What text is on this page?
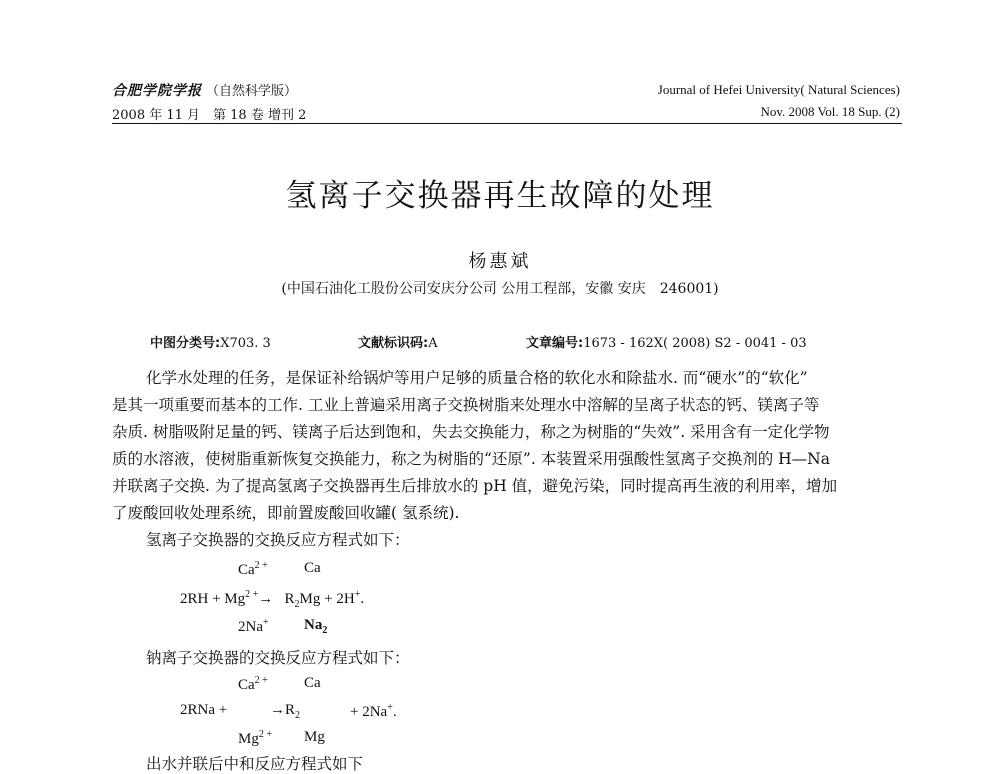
合肥学院学报 （自然科学版）
2008 年 11 月　第 18 卷 增刊 2
Journal of Hefei University( Natural Sciences)
Nov. 2008 Vol. 18 Sup. (2)
氢离子交换器再生故障的处理
杨惠斌
(中国石油化工股份公司安庆分公司 公用工程部，安徽 安庆　246001)
中图分类号:X703. 3	文献标识码:A	文章编号:1673 - 162X( 2008) S2 - 0041 - 03
化学水处理的任务，是保证补给锅炉等用户足够的质量合格的软化水和除盐水. 而“硬水”的“软化”
是其一项重要而基本的工作. 工业上普遍采用离子交换树脂来处理水中溶解的呈离子状态的钙、镁离子等
杂质. 树脂吸附足量的钙、镁离子后达到饱和，失去交换能力，称之为树脂的“失效”. 采用含有一定化学物
质的水溶液，使树脂重新恢复交换能力，称之为树脂的“还原”. 本装置采用强酸性氢离子交换剂的 H—Na
并联离子交换. 为了提高氢离子交换器再生后排放水的 pH 值，避免污染，同时提高再生液的利用率，增加
了废酸回收处理系统，即前置废酸回收罐( 氢系统).
氢离子交换器的交换反应方程式如下：
$Ca^{2 +}$ Ca
$2RH + Mg^{2 +}\to R_2Mg + 2H^+$.
2Na+ $Na_2$
钠离子交换器的交换反应方程式如下：
$Ca^{2 +}$ Ca
2RNa +	$\to R_2$	+ 2Na+.
$Mg^{2 +}$ Mg
出水并联后中和反应方程式如下
